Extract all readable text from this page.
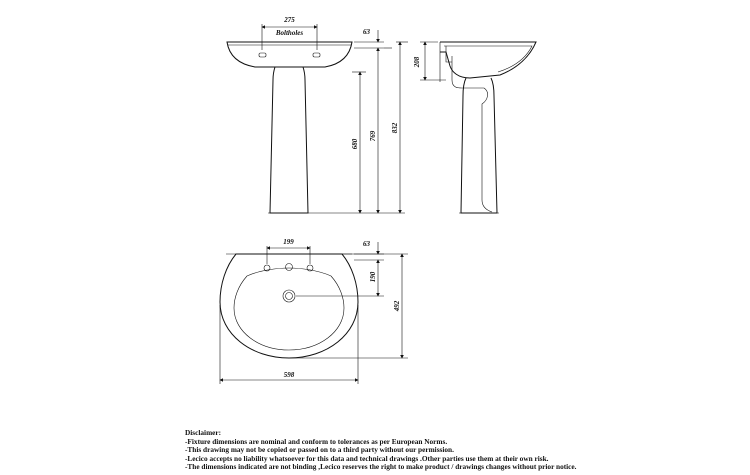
275
Boltholes	63
680
769
832
208
199	63
190
492
598
Disclaimer:
-Fixture dimensions are nominal and conform to tolerances as per European Norms.
-This drawing may not be copied or passed on to a third party without our permission.
-Lecico accepts no liability whatsoever for this data and technical drawings .Other parties use them at their own risk.
-The dimensions indicated are not binding ,Lecico reserves the right to make product / drawings changes without prior notice.
